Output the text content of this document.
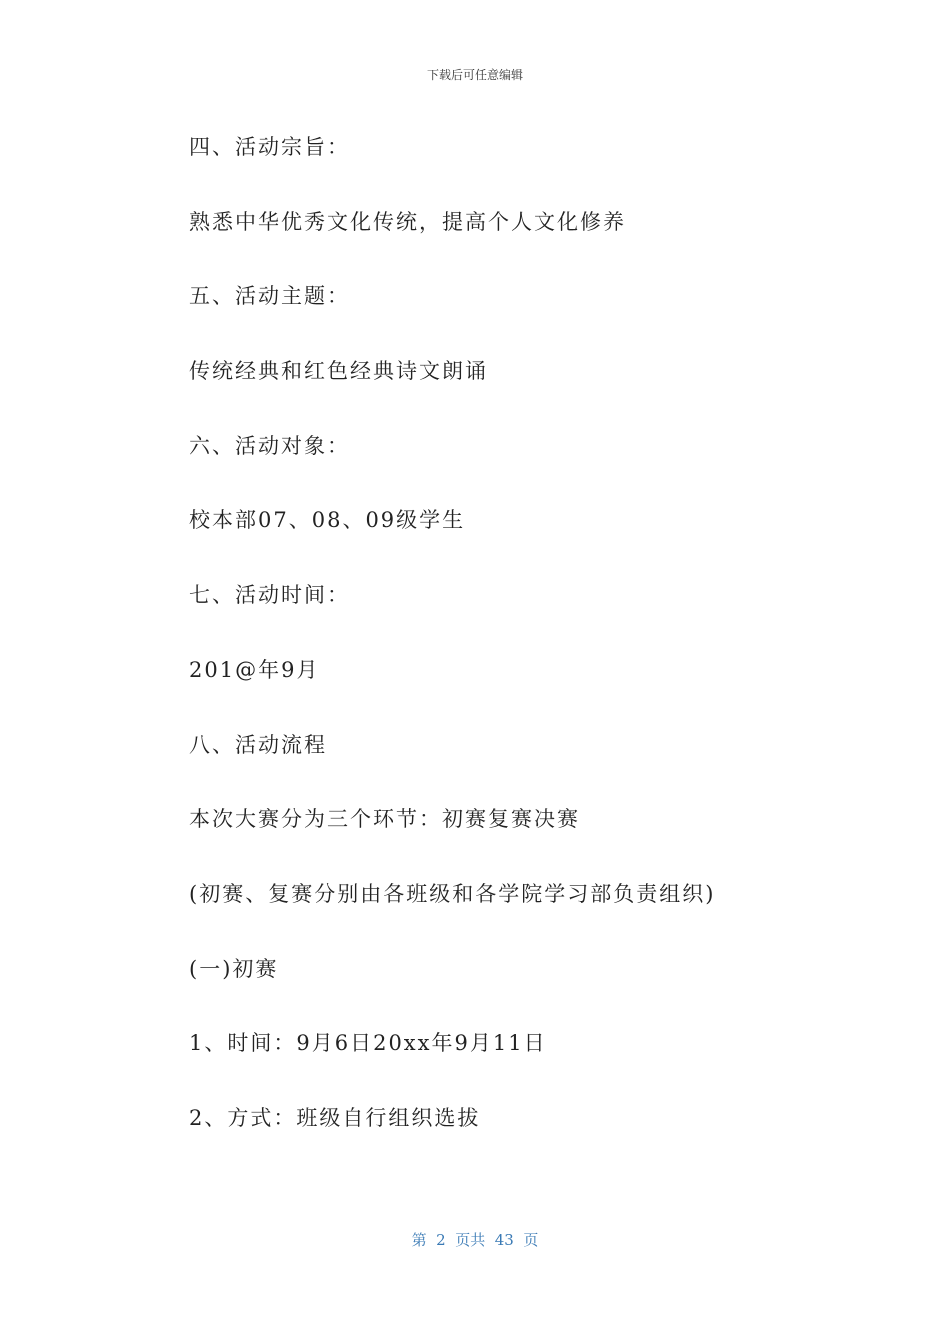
下载后可任意编辑
四、活动宗旨：
熟悉中华优秀文化传统，提高个人文化修养
五、活动主题：
传统经典和红色经典诗文朗诵
六、活动对象：
校本部07、08、09级学生
七、活动时间：
201@年9月
八、活动流程
本次大赛分为三个环节：初赛复赛决赛
(初赛、复赛分别由各班级和各学院学习部负责组织)
(一)初赛
1、时间：9月6日20xx年9月11日
2、方式：班级自行组织选拔
第  2  页共  43  页
